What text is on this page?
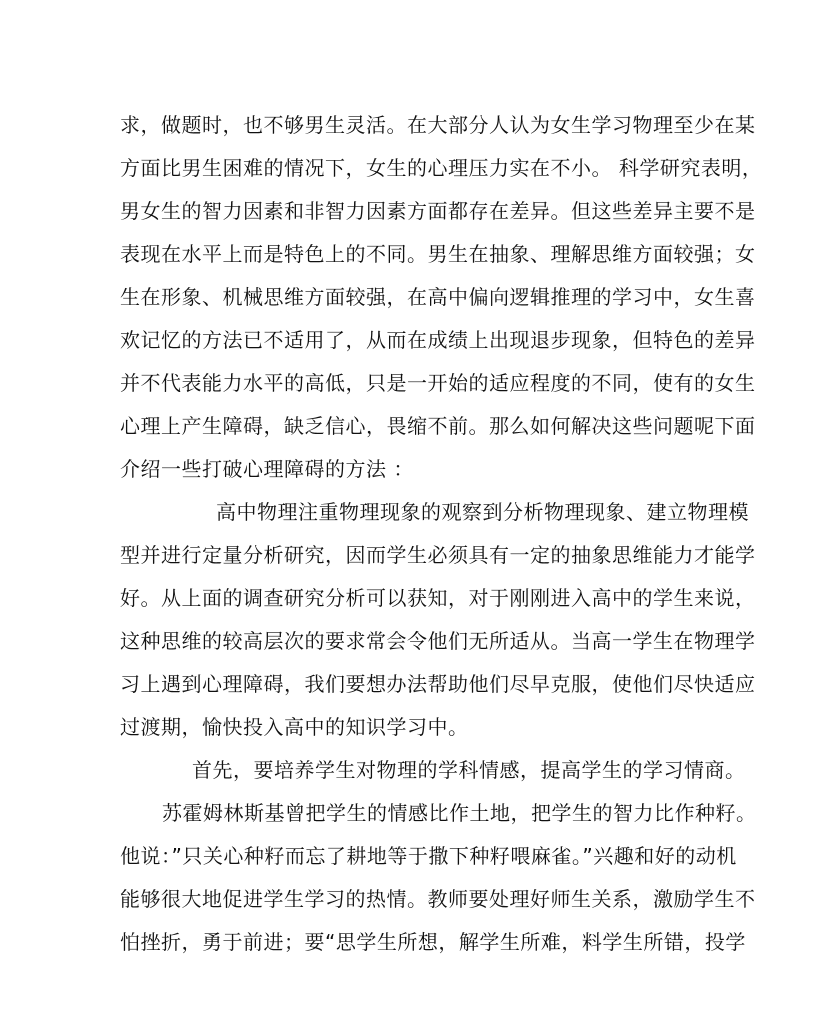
求，做题时，也不够男生灵活。在大部分人认为女生学习物理至少在某
方面比男生困难的情况下，女生的心理压力实在不小。 科学研究表明，
男女生的智力因素和非智力因素方面都存在差异。但这些差异主要不是
表现在水平上而是特色上的不同。男生在抽象、理解思维方面较强；女
生在形象、机械思维方面较强，在高中偏向逻辑推理的学习中，女生喜
欢记忆的方法已不适用了，从而在成绩上出现退步现象，但特色的差异
并不代表能力水平的高低，只是一开始的适应程度的不同，使有的女生
心理上产生障碍，缺乏信心，畏缩不前。那么如何解决这些问题呢下面
介绍一些打破心理障碍的方法 ：
高中物理注重物理现象的观察到分析物理现象、建立物理模
型并进行定量分析研究，因而学生必须具有一定的抽象思维能力才能学
好。从上面的调查研究分析可以获知，对于刚刚进入高中的学生来说，
这种思维的较高层次的要求常会令他们无所适从。当高一学生在物理学
习上遇到心理障碍，我们要想办法帮助他们尽早克服，使他们尽快适应
过渡期，愉快投入高中的知识学习中。
首先，要培养学生对物理的学科情感，提高学生的学习情商。
苏霍姆林斯基曾把学生的情感比作土地，把学生的智力比作种籽。
他说：”只关心种籽而忘了耕地等于撒下种籽喂麻雀。”兴趣和好的动机
能够很大地促进学生学习的热情。教师要处理好师生关系，激励学生不
怕挫折，勇于前进；要“思学生所想，解学生所难，料学生所错，投学
